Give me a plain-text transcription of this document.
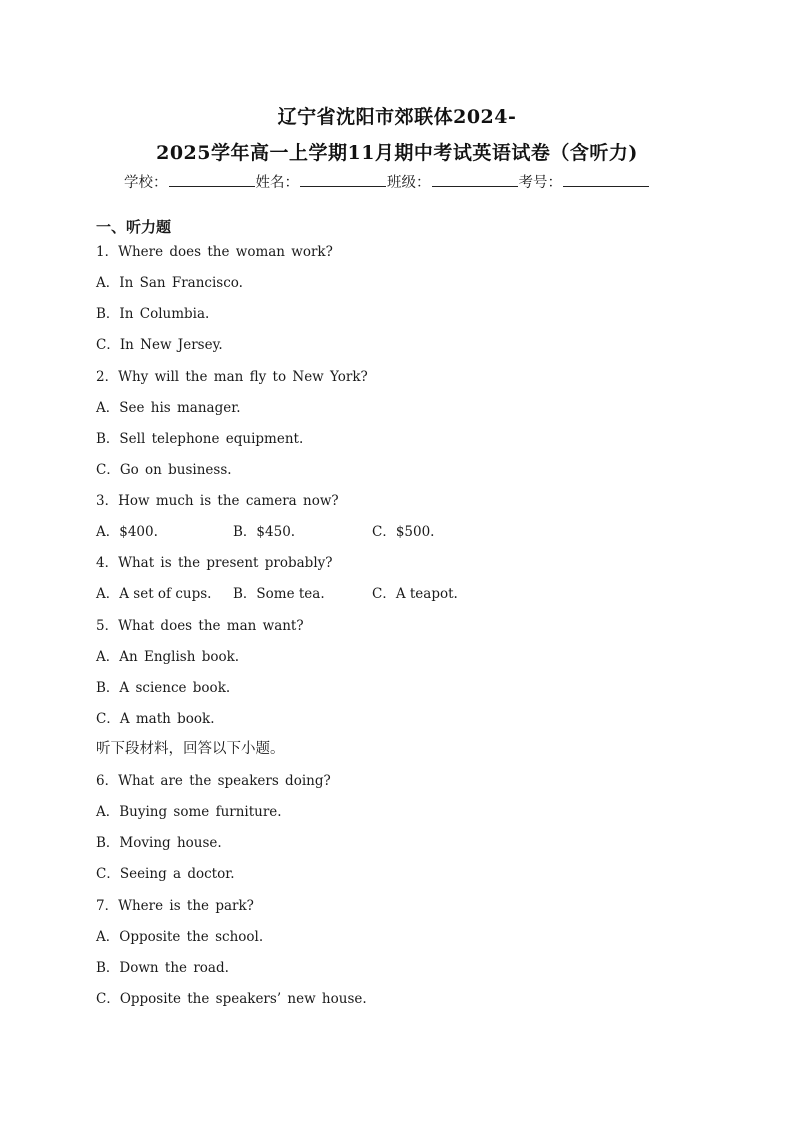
辽宁省沈阳市郊联体2024-
2025学年高一上学期11月期中考试英语试卷（含听力)
学校：	姓名：	班级：	考号：
一、听力题
1．Where does the woman work?
A．In San Francisco.
B．In Columbia.
C．In New Jersey.
2．Why will the man fly to New York?
A．See his manager.
B．Sell telephone equipment.
C．Go on business.
3．How much is the camera now?
A．$400.	B．$450.	C．$500.
4．What is the present probably?
A．A set of cups. B．Some tea.	C．A teapot.
5．What does the man want?
A．An English book.
B．A science book.
C．A math book.
听下段材料，回答以下小题。
6．What are the speakers doing?
A．Buying some furniture.
B．Moving house.
C．Seeing a doctor.
7．Where is the park?
A．Opposite the school.
B．Down the road.
C．Opposite the speakers’ new house.
